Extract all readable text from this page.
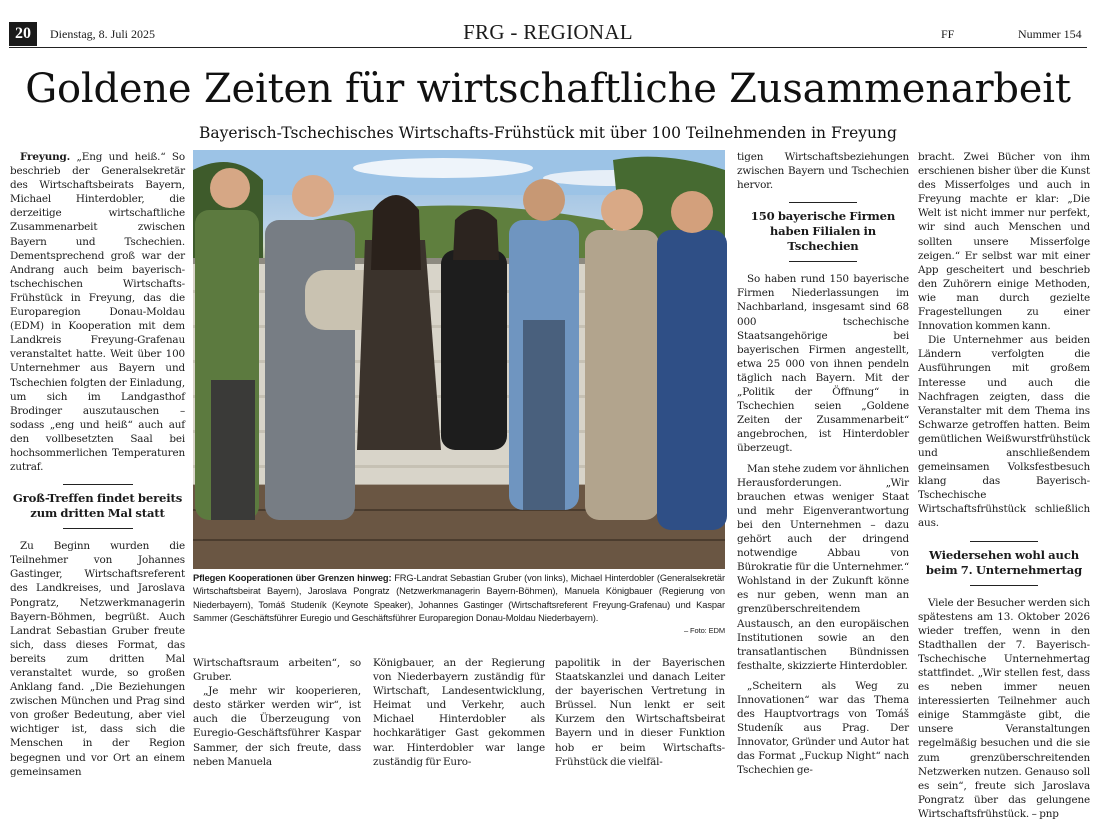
20	Dienstag, 8. Juli 2025	FRG - REGIONAL	FF	Nummer 154
Goldene Zeiten für wirtschaftliche Zusammenarbeit
Bayerisch-Tschechisches Wirtschafts-Frühstück mit über 100 Teilnehmenden in Freyung

Freyung. „Eng und heiß.“ So beschrieb der Generalsekretär des Wirtschaftsbeirats Bayern, Michael Hinterdobler, die derzeitige wirtschaftliche Zusammenarbeit zwischen Bayern und Tschechien. Dementsprechend groß war der Andrang auch beim bayerisch-tschechischen Wirtschafts-Frühstück in Freyung, das die Europaregion Donau-Moldau (EDM) in Kooperation mit dem Landkreis Freyung-Grafenau veranstaltet hatte. Weit über 100 Unternehmer aus Bayern und Tschechien folgten der Einladung, um sich im Landgasthof Brodinger auszutauschen – sodass „eng und heiß“ auch auf den vollbesetzten Saal bei hochsommerlichen Temperaturen zutraf.

Groß-Treffen findet bereits zum dritten Mal statt

Zu Beginn wurden die Teilnehmer von Johannes Gastinger, Wirtschaftsreferent des Landkreises, und Jaroslava Pongratz, Netzwerkmanagerin Bayern-Böhmen, begrüßt. Auch Landrat Sebastian Gruber freute sich, dass dieses Format, das bereits zum dritten Mal veranstaltet wurde, so großen Anklang fand. „Die Beziehungen zwischen München und Prag sind von großer Bedeutung, aber viel wichtiger ist, dass sich die Menschen in der Region begegnen und vor Ort an einem gemeinsamen

Pflegen Kooperationen über Grenzen hinweg: FRG-Landrat Sebastian Gruber (von links), Michael Hinterdobler (Generalsekretär Wirtschaftsbeirat Bayern), Jaroslava Pongratz (Netzwerkmanagerin Bayern-Böhmen), Manuela Königbauer (Regierung von Niederbayern), Tomáš Studeník (Keynote Speaker), Johannes Gastinger (Wirtschaftsreferent Freyung-Grafenau) und Kaspar Sammer (Geschäftsführer Euregio und Geschäftsführer Europaregion Donau-Moldau Niederbayern).
– Foto: EDM

Wirtschaftsraum arbeiten“, so Gruber.

„Je mehr wir kooperieren, desto stärker werden wir“, ist auch die Überzeugung von Euregio-Geschäftsführer Kaspar Sammer, der sich freute, dass neben Manuela

Königbauer, an der Regierung von Niederbayern zuständig für Wirtschaft, Landesentwicklung, Heimat und Verkehr, auch Michael Hinterdobler als hochkarätiger Gast gekommen war. Hinterdobler war lange zuständig für Euro-

papolitik in der Bayerischen Staatskanzlei und danach Leiter der bayerischen Vertretung in Brüssel. Nun lenkt er seit Kurzem den Wirtschaftsbeirat Bayern und in dieser Funktion hob er beim Wirtschafts-Frühstück die vielfäl-

tigen Wirtschaftsbeziehungen zwischen Bayern und Tschechien hervor.

150 bayerische Firmen haben Filialen in Tschechien

So haben rund 150 bayerische Firmen Niederlassungen im Nachbarland, insgesamt sind 68 000 tschechische Staatsangehörige bei bayerischen Firmen angestellt, etwa 25 000 von ihnen pendeln täglich nach Bayern. Mit der „Politik der Öffnung“ in Tschechien seien „Goldene Zeiten der Zusammenarbeit“ angebrochen, ist Hinterdobler überzeugt.

Man stehe zudem vor ähnlichen Herausforderungen. „Wir brauchen etwas weniger Staat und mehr Eigenverantwortung bei den Unternehmen – dazu gehört auch der dringend notwendige Abbau von Bürokratie für die Unternehmer.“ Wohlstand in der Zukunft könne es nur geben, wenn man an grenzüberschreitendem Austausch, an den europäischen Institutionen sowie an den transatlantischen Bündnissen festhalte, skizzierte Hinterdobler.

„Scheitern als Weg zu Innovationen“ war das Thema des Hauptvortrags von Tomáš Studeník aus Prag. Der Innovator, Gründer und Autor hat das Format „Fuckup Night“ nach Tschechien ge-

bracht. Zwei Bücher von ihm erschienen bisher über die Kunst des Misserfolges und auch in Freyung machte er klar: „Die Welt ist nicht immer nur perfekt, wir sind auch Menschen und sollten unsere Misserfolge zeigen.“ Er selbst war mit einer App gescheitert und beschrieb den Zuhörern einige Methoden, wie man durch gezielte Fragestellungen zu einer Innovation kommen kann.

Die Unternehmer aus beiden Ländern verfolgten die Ausführungen mit großem Interesse und auch die Nachfragen zeigten, dass die Veranstalter mit dem Thema ins Schwarze getroffen hatten. Beim gemütlichen Weißwurstfrühstück und anschließendem gemeinsamen Volksfestbesuch klang das Bayerisch-Tschechische Wirtschaftsfrühstück schließlich aus.

Wiedersehen wohl auch beim 7. Unternehmertag

Viele der Besucher werden sich spätestens am 13. Oktober 2026 wieder treffen, wenn in den Stadthallen der 7. Bayerisch-Tschechische Unternehmertag stattfindet. „Wir stellen fest, dass es neben immer neuen interessierten Teilnehmer auch einige Stammgäste gibt, die unsere Veranstaltungen regelmäßig besuchen und die sie zum grenzüberschreitenden Netzwerken nutzen. Genauso soll es sein“, freute sich Jaroslava Pongratz über das gelungene Wirtschaftsfrühstück. – pnp
